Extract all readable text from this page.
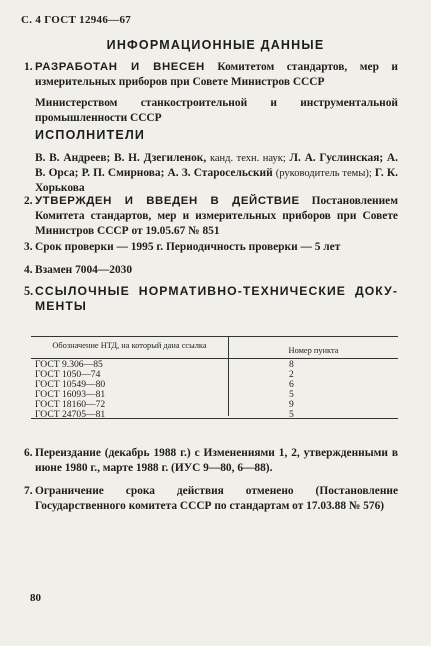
С. 4 ГОСТ 12946—67
ИНФОРМАЦИОННЫЕ ДАННЫЕ
1. РАЗРАБОТАН И ВНЕСЕН Комитетом стандартов, мер и измерительных приборов при Совете Министров СССР
Министерством станкостроительной и инструментальной промышленности СССР
ИСПОЛНИТЕЛИ
В. В. Андреев; В. Н. Дзегиленок, канд. техн. наук; Л. А. Гуслинская; А. В. Орса; Р. П. Смирнова; А. З. Старосельский (руководитель темы); Г. К. Хорькова
2. УТВЕРЖДЕН И ВВЕДЕН В ДЕЙСТВИЕ Постановлением Комитета стандартов, мер и измерительных приборов при Совете Министров СССР от 19.05.67 № 851
3. Срок проверки — 1995 г. Периодичность проверки — 5 лет
4. Взамен 7004—2030
5. ССЫЛОЧНЫЕ НОРМАТИВНО-ТЕХНИЧЕСКИЕ ДОКУ-
МЕНТЫ
Обозначение НТД, на который дана ссылка
Номер пункта
ГОСТ 9.306—85
ГОСТ 1050—74
ГОСТ 10549—80
ГОСТ 16093—81
ГОСТ 18160—72
ГОСТ 24705—81
8
2
6
5
9
5
6. Переиздание (декабрь 1988 г.) с Изменениями 1, 2, утвержденными в июне 1980 г., марте 1988 г. (ИУС 9—80, 6—88).
7. Ограничение срока действия отменено (Постановление Государственного комитета СССР по стандартам от 17.03.88 № 576)
80
